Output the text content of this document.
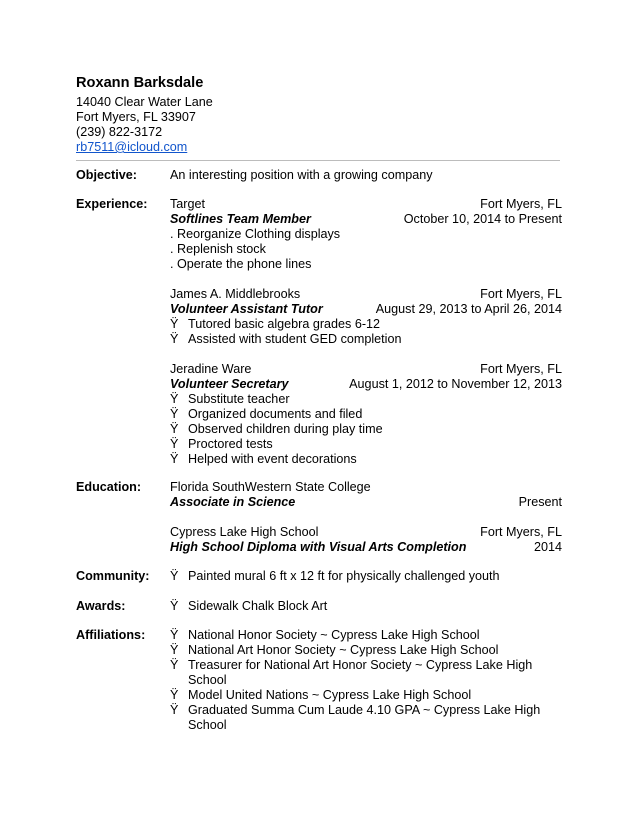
Roxann Barksdale
14040 Clear Water Lane
Fort Myers, FL 33907
(239) 822-3172
rb7511@icloud.com
Objective:	An interesting position with a growing company
Experience: Target	Fort Myers, FL
Softlines Team Member	October 10, 2014 to Present
. Reorganize Clothing displays
. Replenish stock
. Operate the phone lines
James A. Middlebrooks	Fort Myers, FL
Volunteer Assistant Tutor	August 29, 2013 to April 26, 2014
Ÿ Tutored basic algebra grades 6-12
Ÿ Assisted with student GED completion
Jeradine Ware	Fort Myers, FL
Volunteer Secretary	August 1, 2012 to November 12, 2013
Ÿ Substitute teacher
Ÿ Organized documents and filed
Ÿ Observed children during play time
Ÿ Proctored tests
Ÿ Helped with event decorations
Education: Florida SouthWestern State College
Associate in Science	Present
Cypress Lake High School	Fort Myers, FL
High School Diploma with Visual Arts Completion	2014
Community: Ÿ Painted mural 6 ft x 12 ft for physically challenged youth
Awards:	Ÿ Sidewalk Chalk Block Art
Affiliations: Ÿ National Honor Society ~ Cypress Lake High School
Ÿ National Art Honor Society ~ Cypress Lake High School
Ÿ Treasurer for National Art Honor Society ~ Cypress Lake High School
Ÿ Model United Nations ~ Cypress Lake High School
Ÿ Graduated Summa Cum Laude 4.10 GPA ~ Cypress Lake High School
